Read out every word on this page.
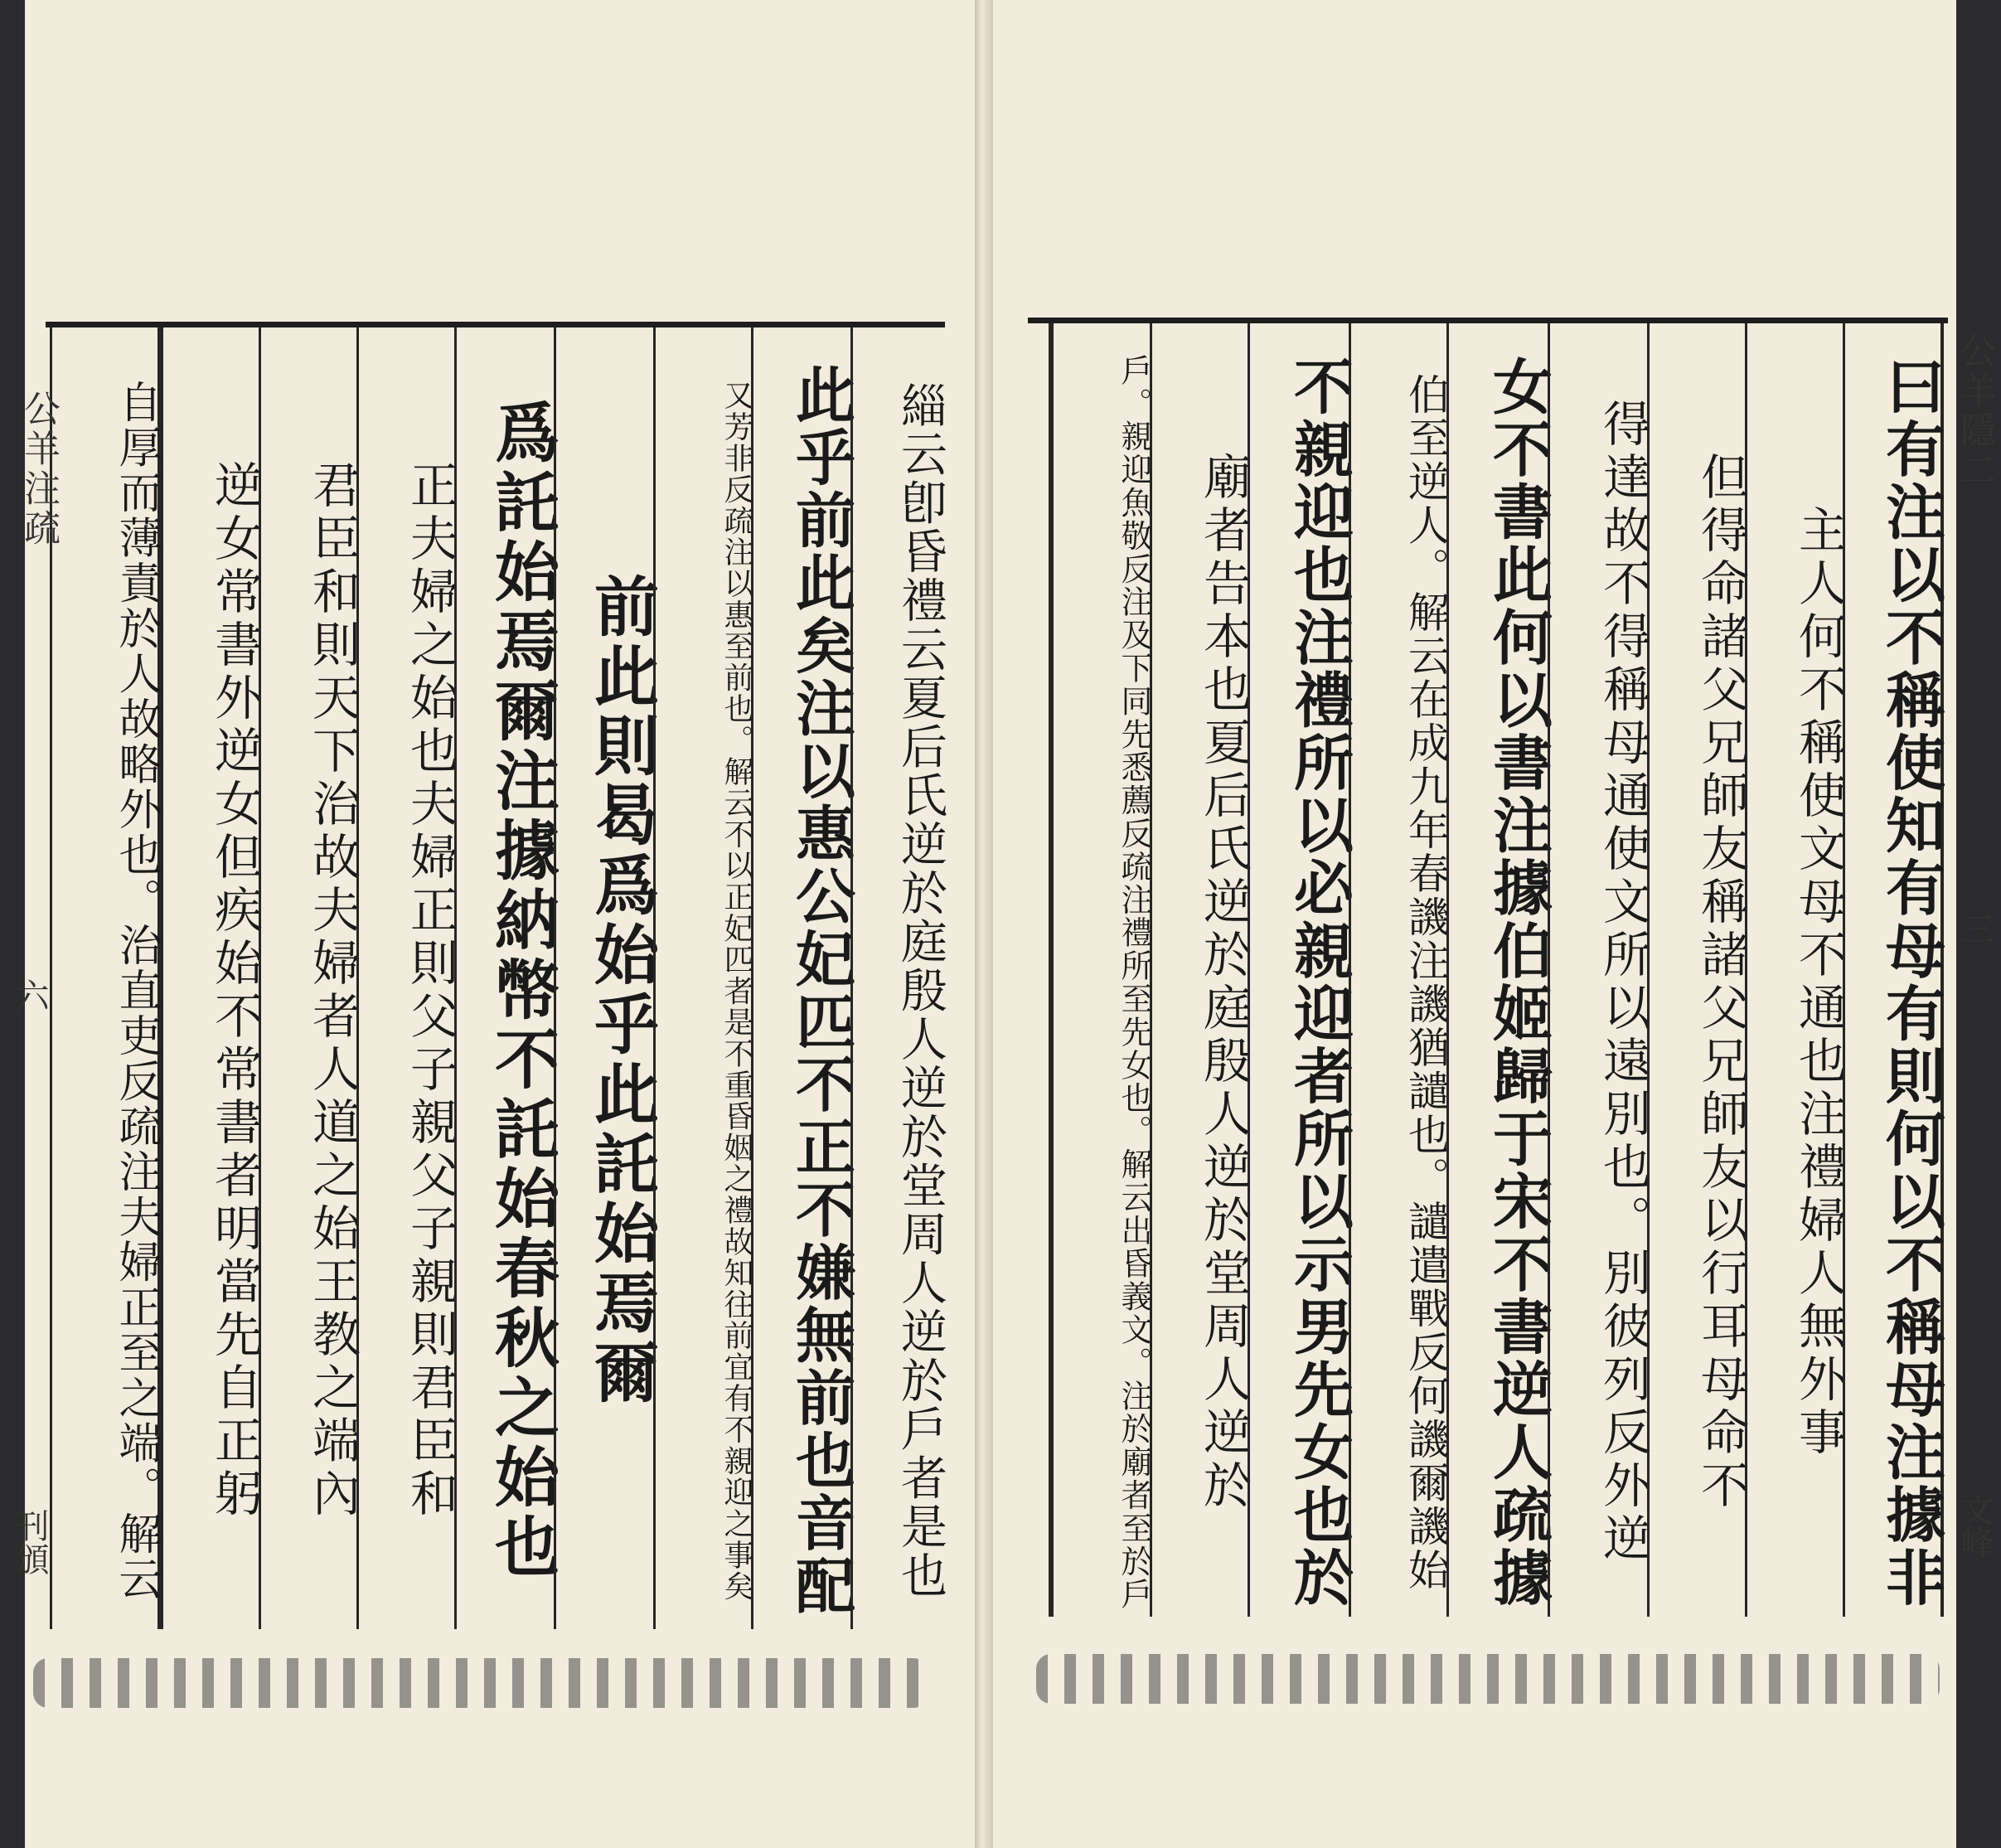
緇云卽昏禮云夏后氏逆於庭殷人逆於堂周人逆於戶者是也
此乎前此矣注以惠公妃匹不正不嫌無前也音配
又芳非反疏注以惠至前也。解云不以正妃匹者是不重昏姻之禮故知往前宜有不親迎之事矣
前此則曷爲始乎此託始焉爾
爲託始焉爾注據納幣不託始春秋之始也
正夫婦之始也夫婦正則父子親父子親則君臣和
君臣和則天下治故夫婦者人道之始王教之端內
逆女常書外逆女但疾始不常書者明當先自正躬
自厚而薄責於人故略外也。治直吏反疏注夫婦正至之端。解云
公羊注疏
六
刊頒	曰有注以不稱使知有母有則何以不稱母注據非
主人何不稱使文母不通也注禮婦人無外事
但得命諸父兄師友稱諸父兄師友以行耳母命不
得達故不得稱母通使文所以遠別也。別彼列反外逆
女不書此何以書注據伯姬歸于宋不書逆人疏據
伯至逆人。解云在成九年春譏注譏猶譴也。譴遣戰反何譏爾譏始
不親迎也注禮所以必親迎者所以示男先女也於
廟者告本也夏后氏逆於庭殷人逆於堂周人逆於
戶。親迎魚敬反注及下同先悉薦反疏注禮所至先女也。解云出昏義文。注於廟者至於戶	公羊隱二
三
文峰
